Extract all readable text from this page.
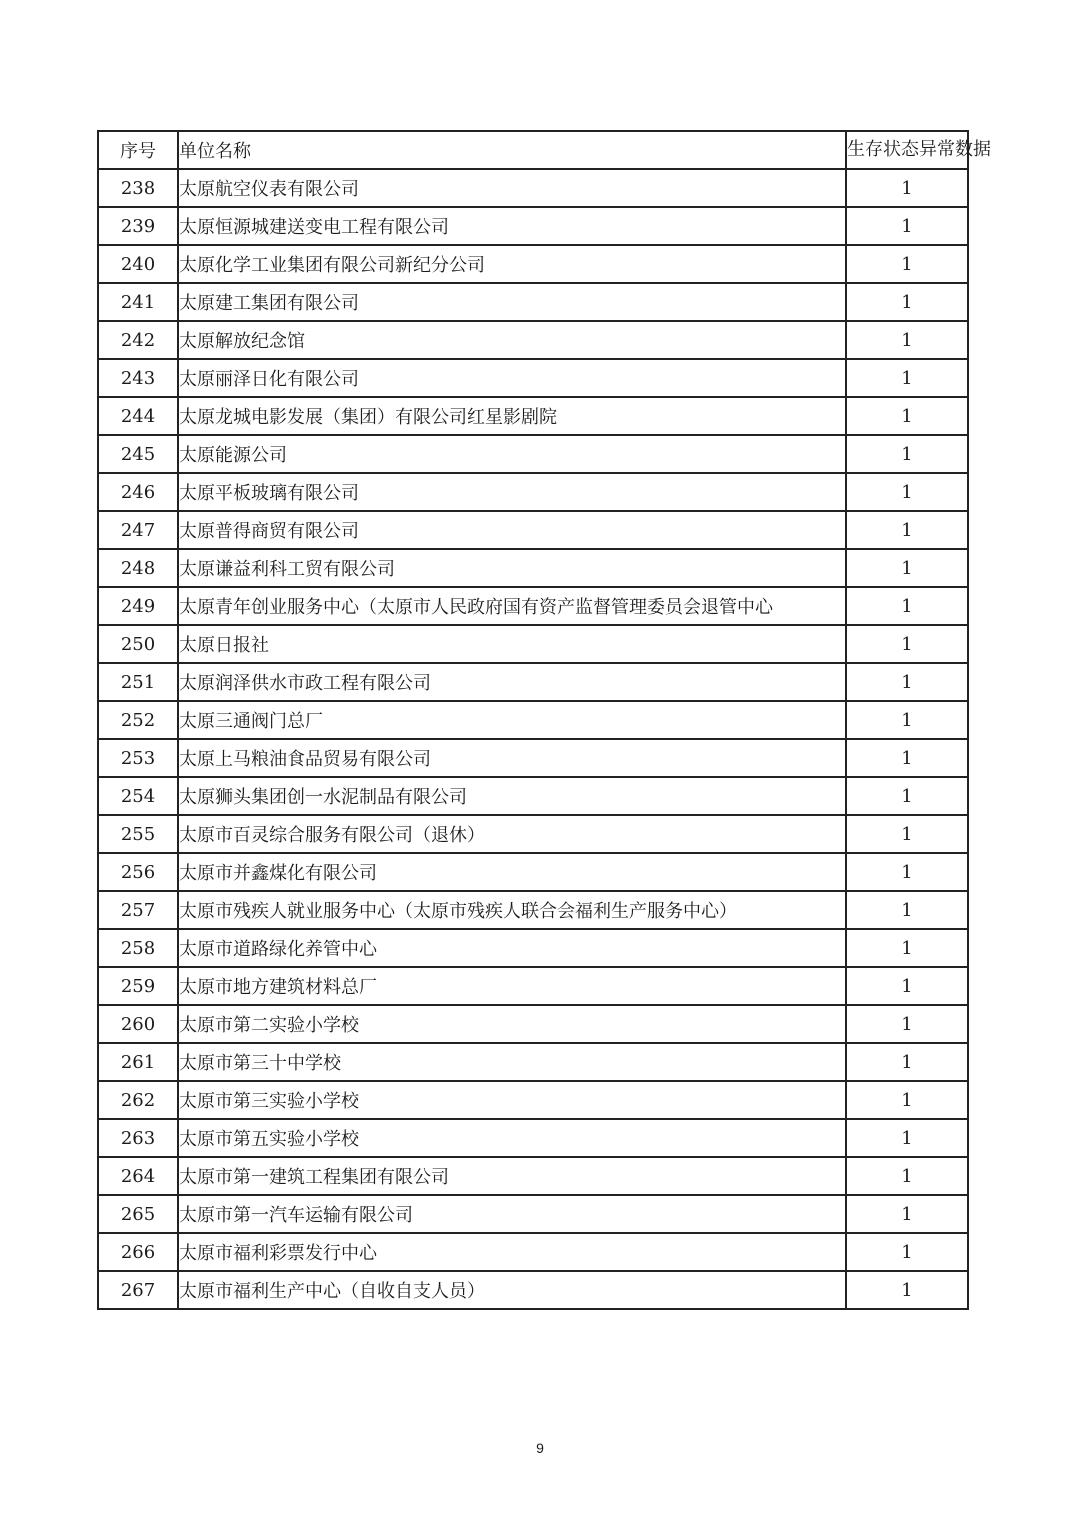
序号	单位名称	生存状态异常数据
238	太原航空仪表有限公司	1
239	太原恒源城建送变电工程有限公司	1
240	太原化学工业集团有限公司新纪分公司	1
241	太原建工集团有限公司	1
242	太原解放纪念馆	1
243	太原丽泽日化有限公司	1
244	太原龙城电影发展（集团）有限公司红星影剧院	1
245	太原能源公司	1
246	太原平板玻璃有限公司	1
247	太原普得商贸有限公司	1
248	太原谦益利科工贸有限公司	1
249	太原青年创业服务中心（太原市人民政府国有资产监督管理委员会退管中心	1
250	太原日报社	1
251	太原润泽供水市政工程有限公司	1
252	太原三通阀门总厂	1
253	太原上马粮油食品贸易有限公司	1
254	太原狮头集团创一水泥制品有限公司	1
255	太原市百灵综合服务有限公司（退休）	1
256	太原市并鑫煤化有限公司	1
257	太原市残疾人就业服务中心（太原市残疾人联合会福利生产服务中心）	1
258	太原市道路绿化养管中心	1
259	太原市地方建筑材料总厂	1
260	太原市第二实验小学校	1
261	太原市第三十中学校	1
262	太原市第三实验小学校	1
263	太原市第五实验小学校	1
264	太原市第一建筑工程集团有限公司	1
265	太原市第一汽车运输有限公司	1
266	太原市福利彩票发行中心	1
267	太原市福利生产中心（自收自支人员）	1
9
